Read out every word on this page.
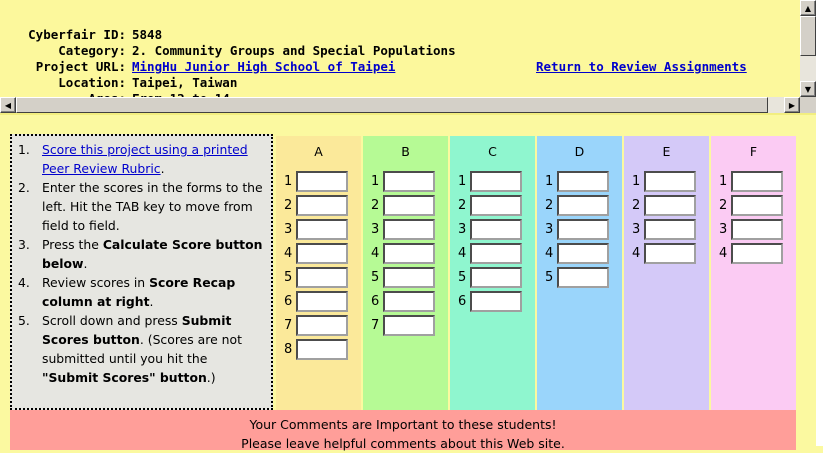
Cyberfair ID: 5848
Category: 2. Community Groups and Special Populations
Project URL: MingHu Junior High School of Taipei
Location: Taipei, Taiwan
Return to Review Assignments
▲
▼
◀	▶
1. Score this project using a printed Peer Review Rubric.
2. Enter the scores in the forms to the left. Hit the TAB key to move from field to field.
3. Press the Calculate Score button below.
4. Review scores in Score Recap column at right.
5. Scroll down and press Submit Scores button. (Scores are not submitted until you hit the "Submit Scores" button.)
A
1
2
3
4
5
6
7
8
B
1
2
3
4
5
6
7
C
1
2
3
4
5
6
D
1
2
3
4
5
E
1
2
3
4
F
1
2
3
4
Your Comments are Important to these students!
Please leave helpful comments about this Web site.
